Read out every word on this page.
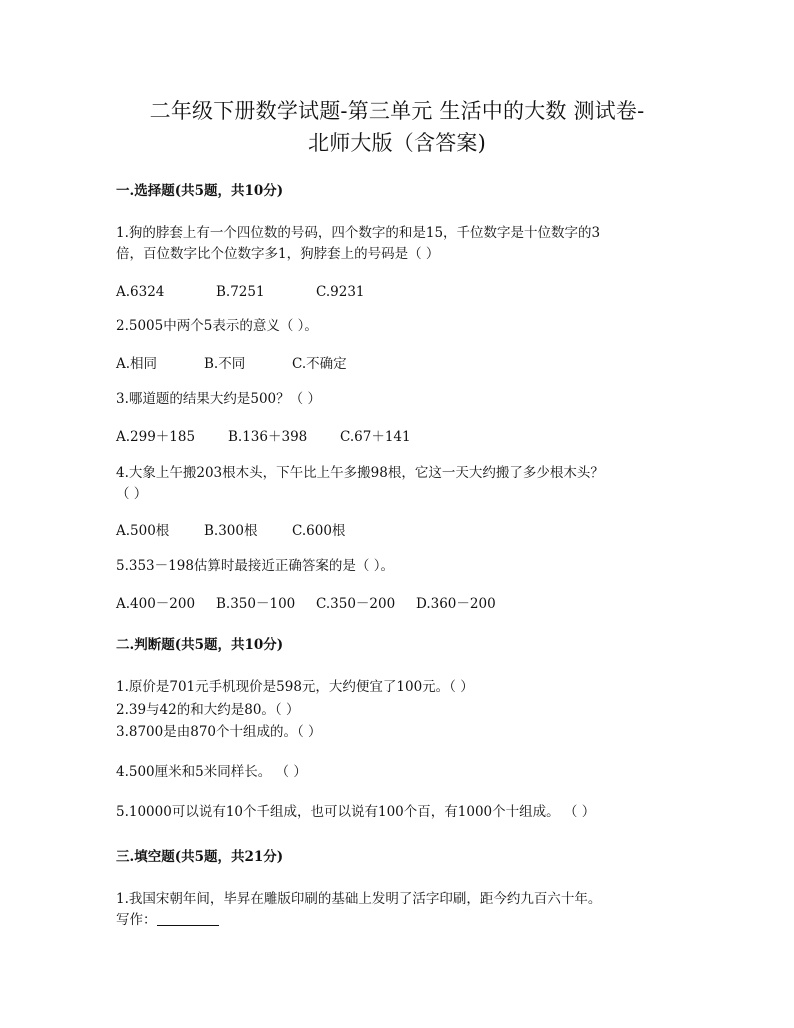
二年级下册数学试题-第三单元 生活中的大数 测试卷-
北师大版（含答案)
一.选择题(共5题，共10分)
1.狗的脖套上有一个四位数的号码，四个数字的和是15，千位数字是十位数字的3
倍，百位数字比个位数字多1，狗脖套上的号码是（ ）
A.6324	B.7251	C.9231
2.5005中两个5表示的意义（ ）。
A.相同	B.不同	C.不确定
3.哪道题的结果大约是500？（ ）
A.299＋185 B.136＋398 C.67＋141
4.大象上午搬203根木头，下午比上午多搬98根，它这一天大约搬了多少根木头？
（ ）
A.500根	B.300根	C.600根
5.353－198估算时最接近正确答案的是（ ）。
A.400－200 B.350－100 C.350－200 D.360－200
二.判断题(共5题，共10分)
1.原价是701元手机现价是598元，大约便宜了100元。（ ）
2.39与42的和大约是80。（ ）
3.8700是由870个十组成的。（ ）
4.500厘米和5米同样长。 （ ）
5.10000可以说有10个千组成，也可以说有100个百，有1000个十组成。 （ ）
三.填空题(共5题，共21分)
1.我国宋朝年间，毕昇在雕版印刷的基础上发明了活字印刷，距今约九百六十年。
写作：
